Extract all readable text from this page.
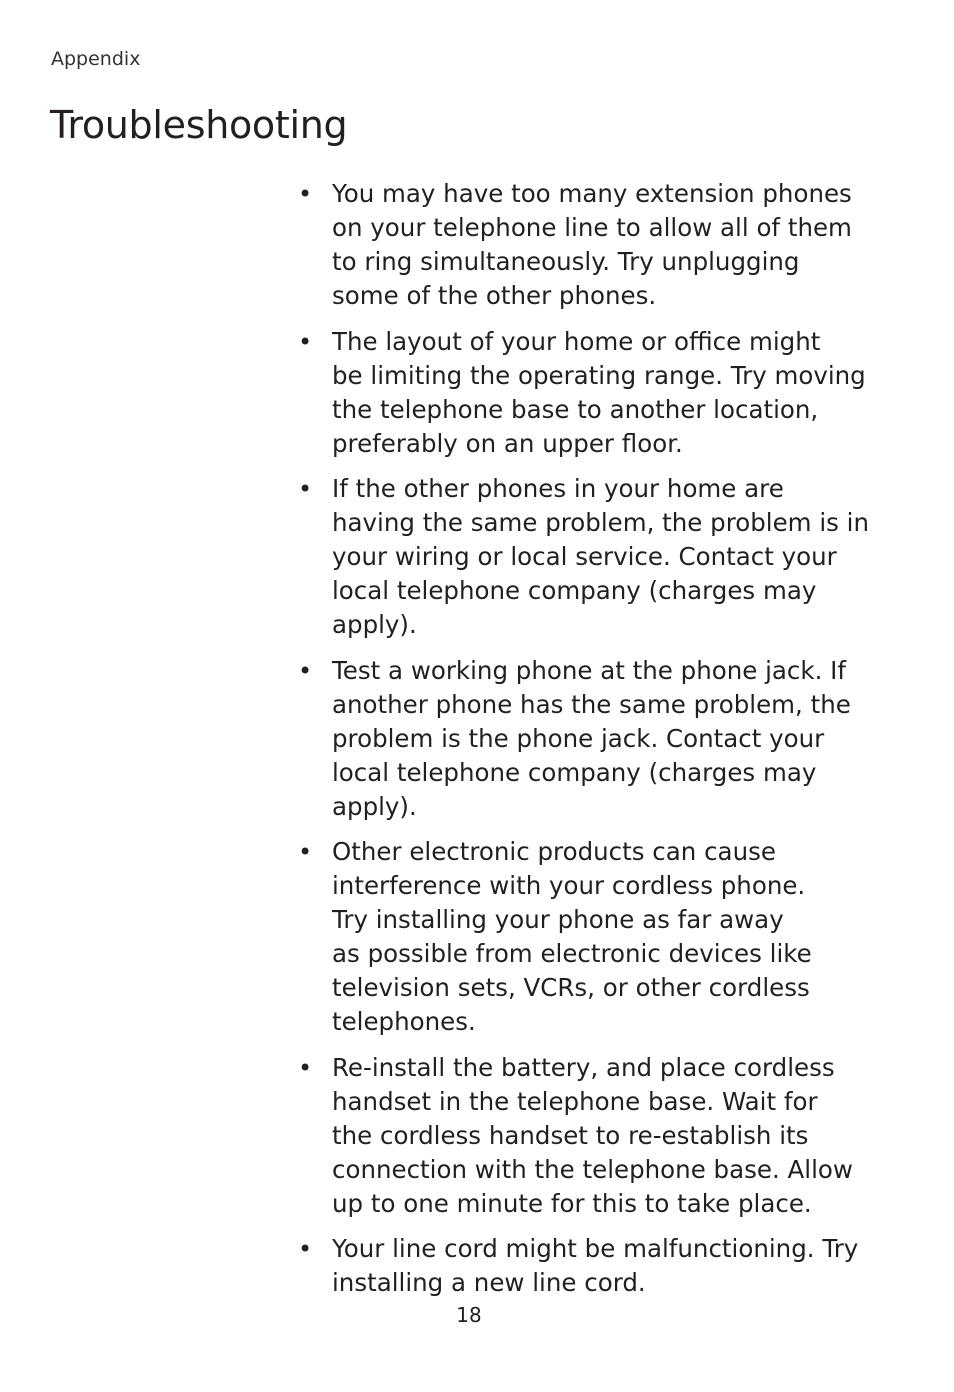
Appendix
Troubleshooting
• You may have too many extension phones
on your telephone line to allow all of them
to ring simultaneously. Try unplugging
some of the other phones.
• The layout of your home or office might
be limiting the operating range. Try moving
the telephone base to another location,
preferably on an upper floor.
• If the other phones in your home are
having the same problem, the problem is in
your wiring or local service. Contact your
local telephone company (charges may
apply).
• Test a working phone at the phone jack. If
another phone has the same problem, the
problem is the phone jack. Contact your
local telephone company (charges may
apply).
• Other electronic products can cause
interference with your cordless phone.
Try installing your phone as far away
as possible from electronic devices like
television sets, VCRs, or other cordless
telephones.
• Re-install the battery, and place cordless
handset in the telephone base. Wait for
the cordless handset to re-establish its
connection with the telephone base. Allow
up to one minute for this to take place.
• Your line cord might be malfunctioning. Try
installing a new line cord.
18
